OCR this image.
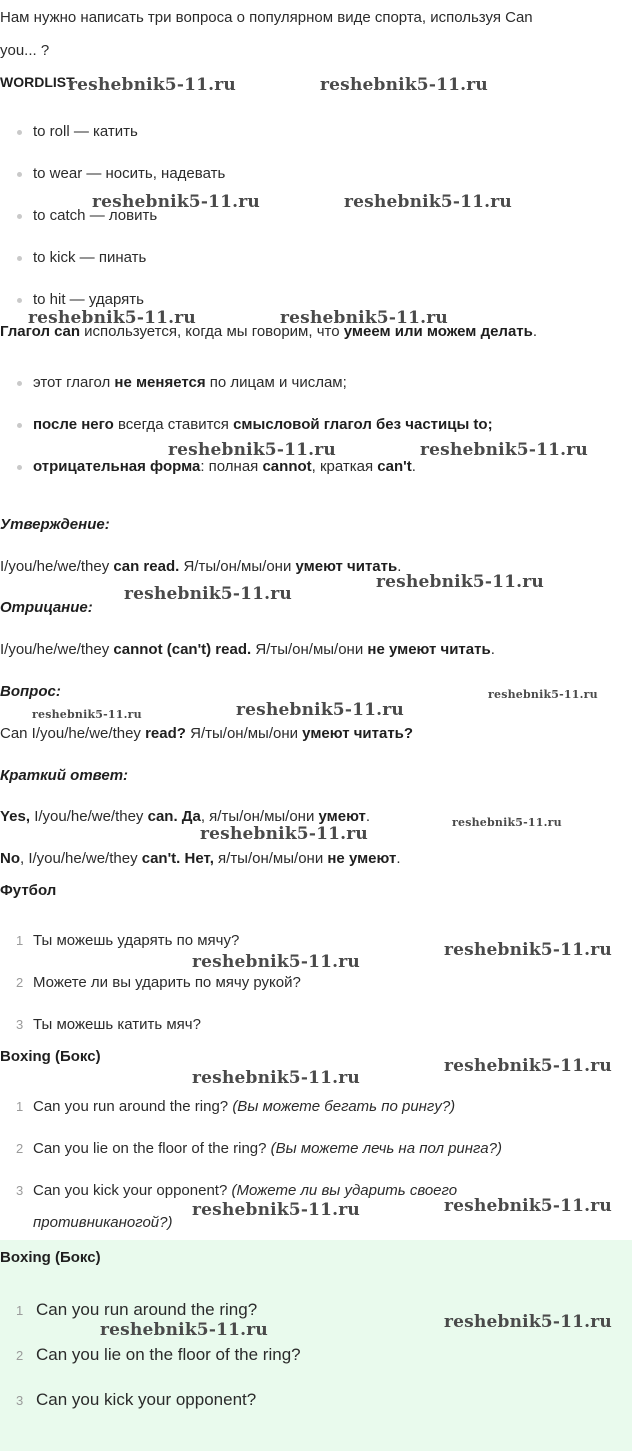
Нам нужно написать три вопроса о популярном виде спорта, используя Can
you... ?
WORDLIST
to roll — катить
to wear — носить, надевать
to catch — ловить
to kick — пинать
to hit — ударять
Глагол can используется, когда мы говорим, что умеем или можем делать.
этот глагол не меняется по лицам и числам;
после него всегда ставится смысловой глагол без частицы to;
отрицательная форма: полная cannot, краткая can't.
Утверждение:
I/you/he/we/they can read. Я/ты/он/мы/они умеют читать.
Отрицание:
I/you/he/we/they cannot (can't) read. Я/ты/он/мы/они не умеют читать.
Вопрос:
Can I/you/he/we/they read? Я/ты/он/мы/они умеют читать?
Краткий ответ:
Yes, I/you/he/we/they can. Да, я/ты/он/мы/они умеют.
No, I/you/he/we/they can't. Нет, я/ты/он/мы/они не умеют.
Футбол
1 Ты можешь ударять по мячу?
2 Можете ли вы ударить по мячу рукой?
3 Ты можешь катить мяч?
Boxing (Бокс)
1 Can you run around the ring? (Вы можете бегать по рингу?)
2 Can you lie on the floor of the ring? (Вы можете лечь на пол ринга?)
3 Can you kick your opponent? (Можете ли вы ударить своего
противниканогой?)
Boxing (Бокс)
1 Can you run around the ring?
2 Can you lie on the floor of the ring?
3 Can you kick your opponent?
reshebnik5-11.ru	reshebnik5-11.ru
reshebnik5-11.ru	reshebnik5-11.ru
reshebnik5-11.ru	reshebnik5-11.ru
reshebnik5-11.ru	reshebnik5-11.ru
reshebnik5-11.ru
reshebnik5-11.ru
reshebnik5-11.ru
reshebnik5-11.ru
reshebnik5-11.ru
reshebnik5-11.ru
reshebnik5-11.ru
reshebnik5-11.ru
reshebnik5-11.ru
reshebnik5-11.ru
reshebnik5-11.ru
reshebnik5-11.ru
reshebnik5-11.ru
reshebnik5-11.ru
reshebnik5-11.ru
